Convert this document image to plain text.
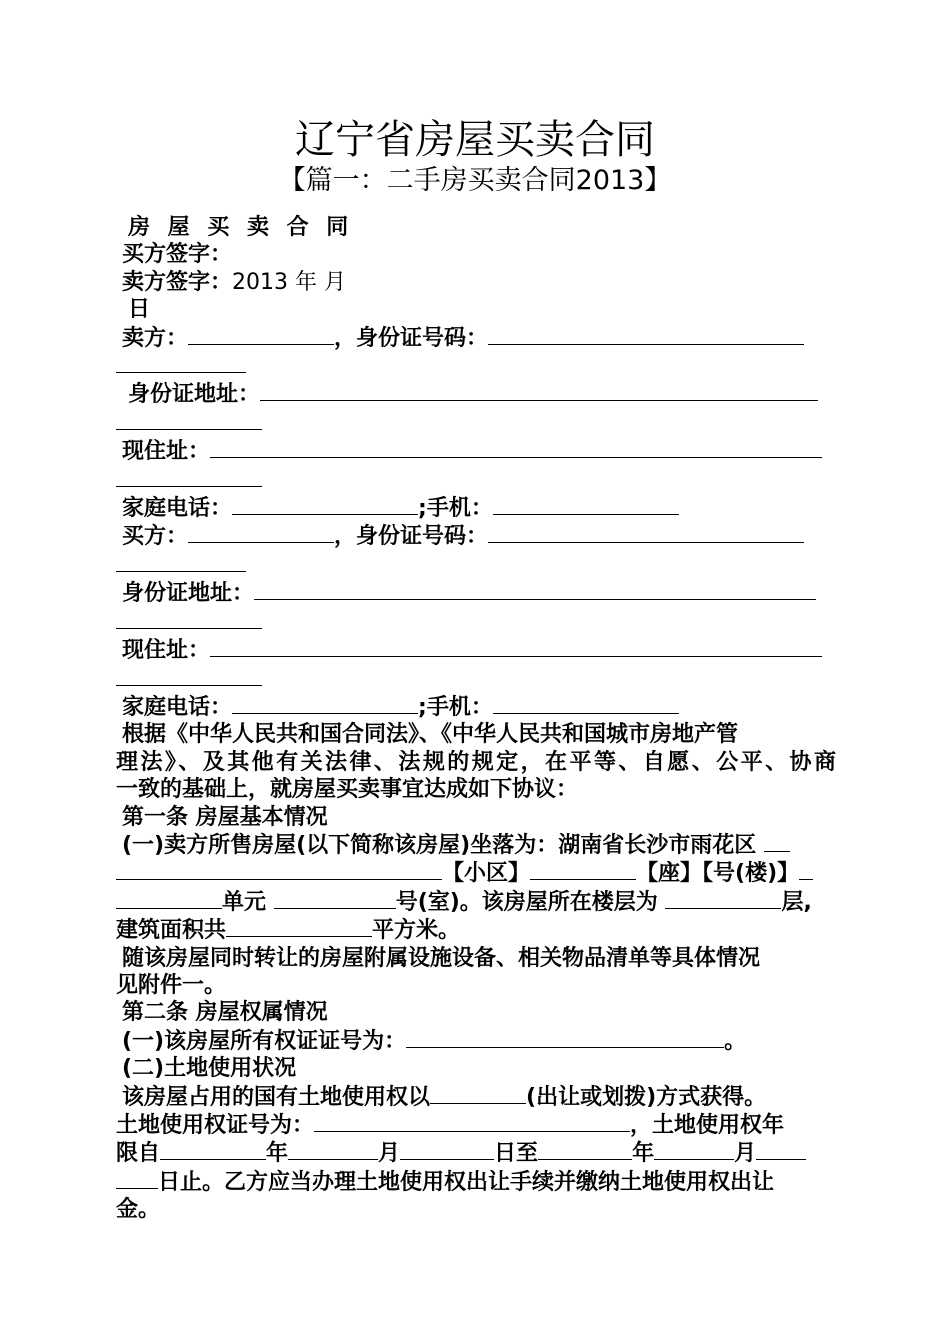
辽宁省房屋买卖合同
【篇一：二手房买卖合同2013】
房 屋 买 卖 合 同
买方签字：
卖方签字：2013 年 月
日
卖方：	，身份证号码：
身份证地址：
现住址：
家庭电话：	;手机：
买方：	，身份证号码：
身份证地址：
现住址：
家庭电话：	;手机：
根据《中华人民共和国合同法》、《中华人民共和国城市房地产管
理法》、及其他有关法律、法规的规定，在平等、自愿、公平、协商
一致的基础上，就房屋买卖事宜达成如下协议：
第一条 房屋基本情况
(一)卖方所售房屋(以下简称该房屋)坐落为：湖南省长沙市雨花区
【小区】	【座】【号(楼)】
单元	号(室)。该房屋所在楼层为	层,
建筑面积共	平方米。
随该房屋同时转让的房屋附属设施设备、相关物品清单等具体情况
见附件一。
第二条 房屋权属情况
(一)该房屋所有权证证号为：	。
(二)土地使用状况
该房屋占用的国有土地使用权以	(出让或划拨)方式获得。
土地使用权证号为：	，土地使用权年
限自	年	月	日至	年	月
日止。乙方应当办理土地使用权出让手续并缴纳土地使用权出让
金。
